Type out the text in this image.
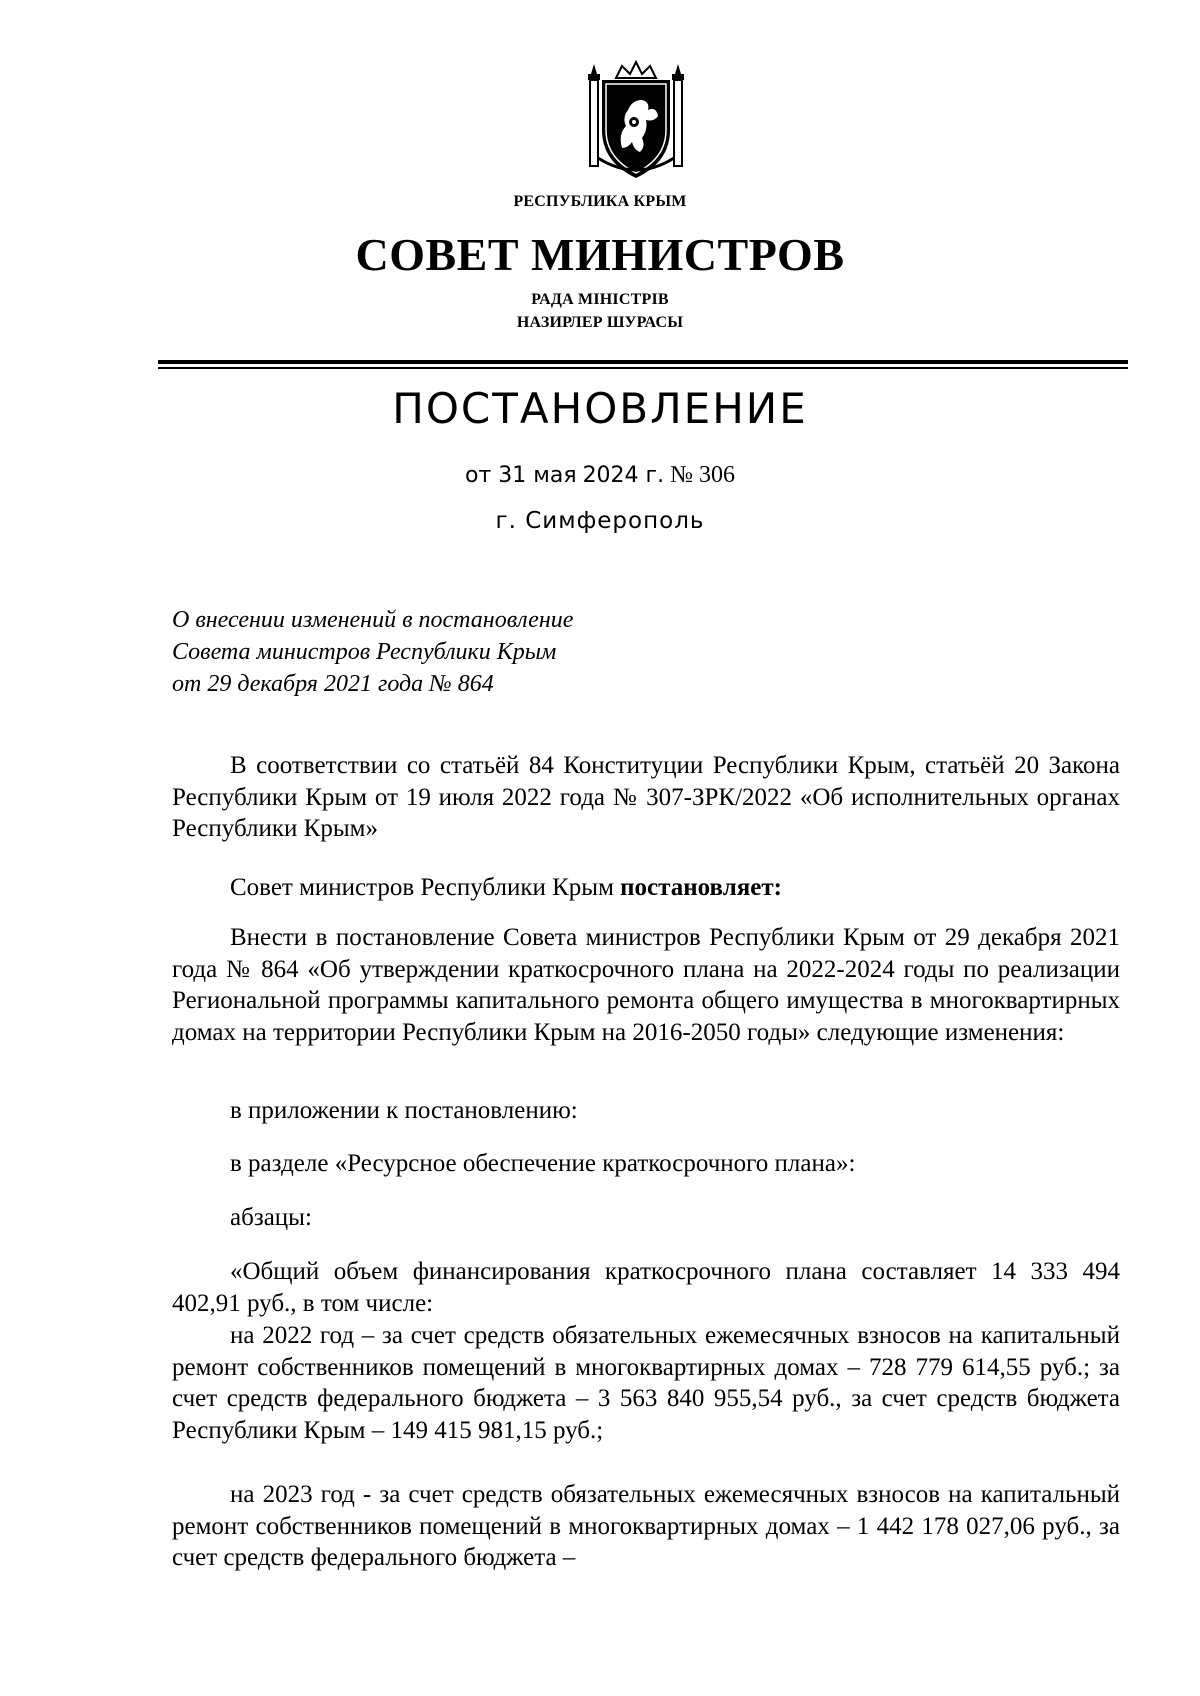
РЕСПУБЛИКА КРЫМ
СОВЕТ МИНИСТРОВ
РАДА МІНІСТРІВ
НАЗИРЛЕР ШУРАСЫ
ПОСТАНОВЛЕНИЕ
от 31 мая 2024 г. № 306
г. Симферополь
О внесении изменений в постановление
Совета министров Республики Крым
от 29 декабря 2021 года № 864
В соответствии со статьёй 84 Конституции Республики Крым, статьёй 20 Закона Республики Крым от 19 июля 2022 года № 307-ЗРК/2022 «Об исполнительных органах Республики Крым»
Совет министров Республики Крым постановляет:
Внести в постановление Совета министров Республики Крым от 29 декабря 2021 года № 864 «Об утверждении краткосрочного плана на 2022-2024 годы по реализации Региональной программы капитального ремонта общего имущества в многоквартирных домах на территории Республики Крым на 2016-2050 годы» следующие изменения:
в приложении к постановлению:
в разделе «Ресурсное обеспечение краткосрочного плана»:
абзацы:
«Общий объем финансирования краткосрочного плана составляет 14 333 494 402,91 руб., в том числе:
на 2022 год – за счет средств обязательных ежемесячных взносов на капитальный ремонт собственников помещений в многоквартирных домах – 728 779 614,55 руб.; за счет средств федерального бюджета – 3 563 840 955,54 руб., за счет средств бюджета Республики Крым – 149 415 981,15 руб.;
на 2023 год - за счет средств обязательных ежемесячных взносов на капитальный ремонт собственников помещений в многоквартирных домах – 1 442 178 027,06 руб., за счет средств федерального бюджета –
